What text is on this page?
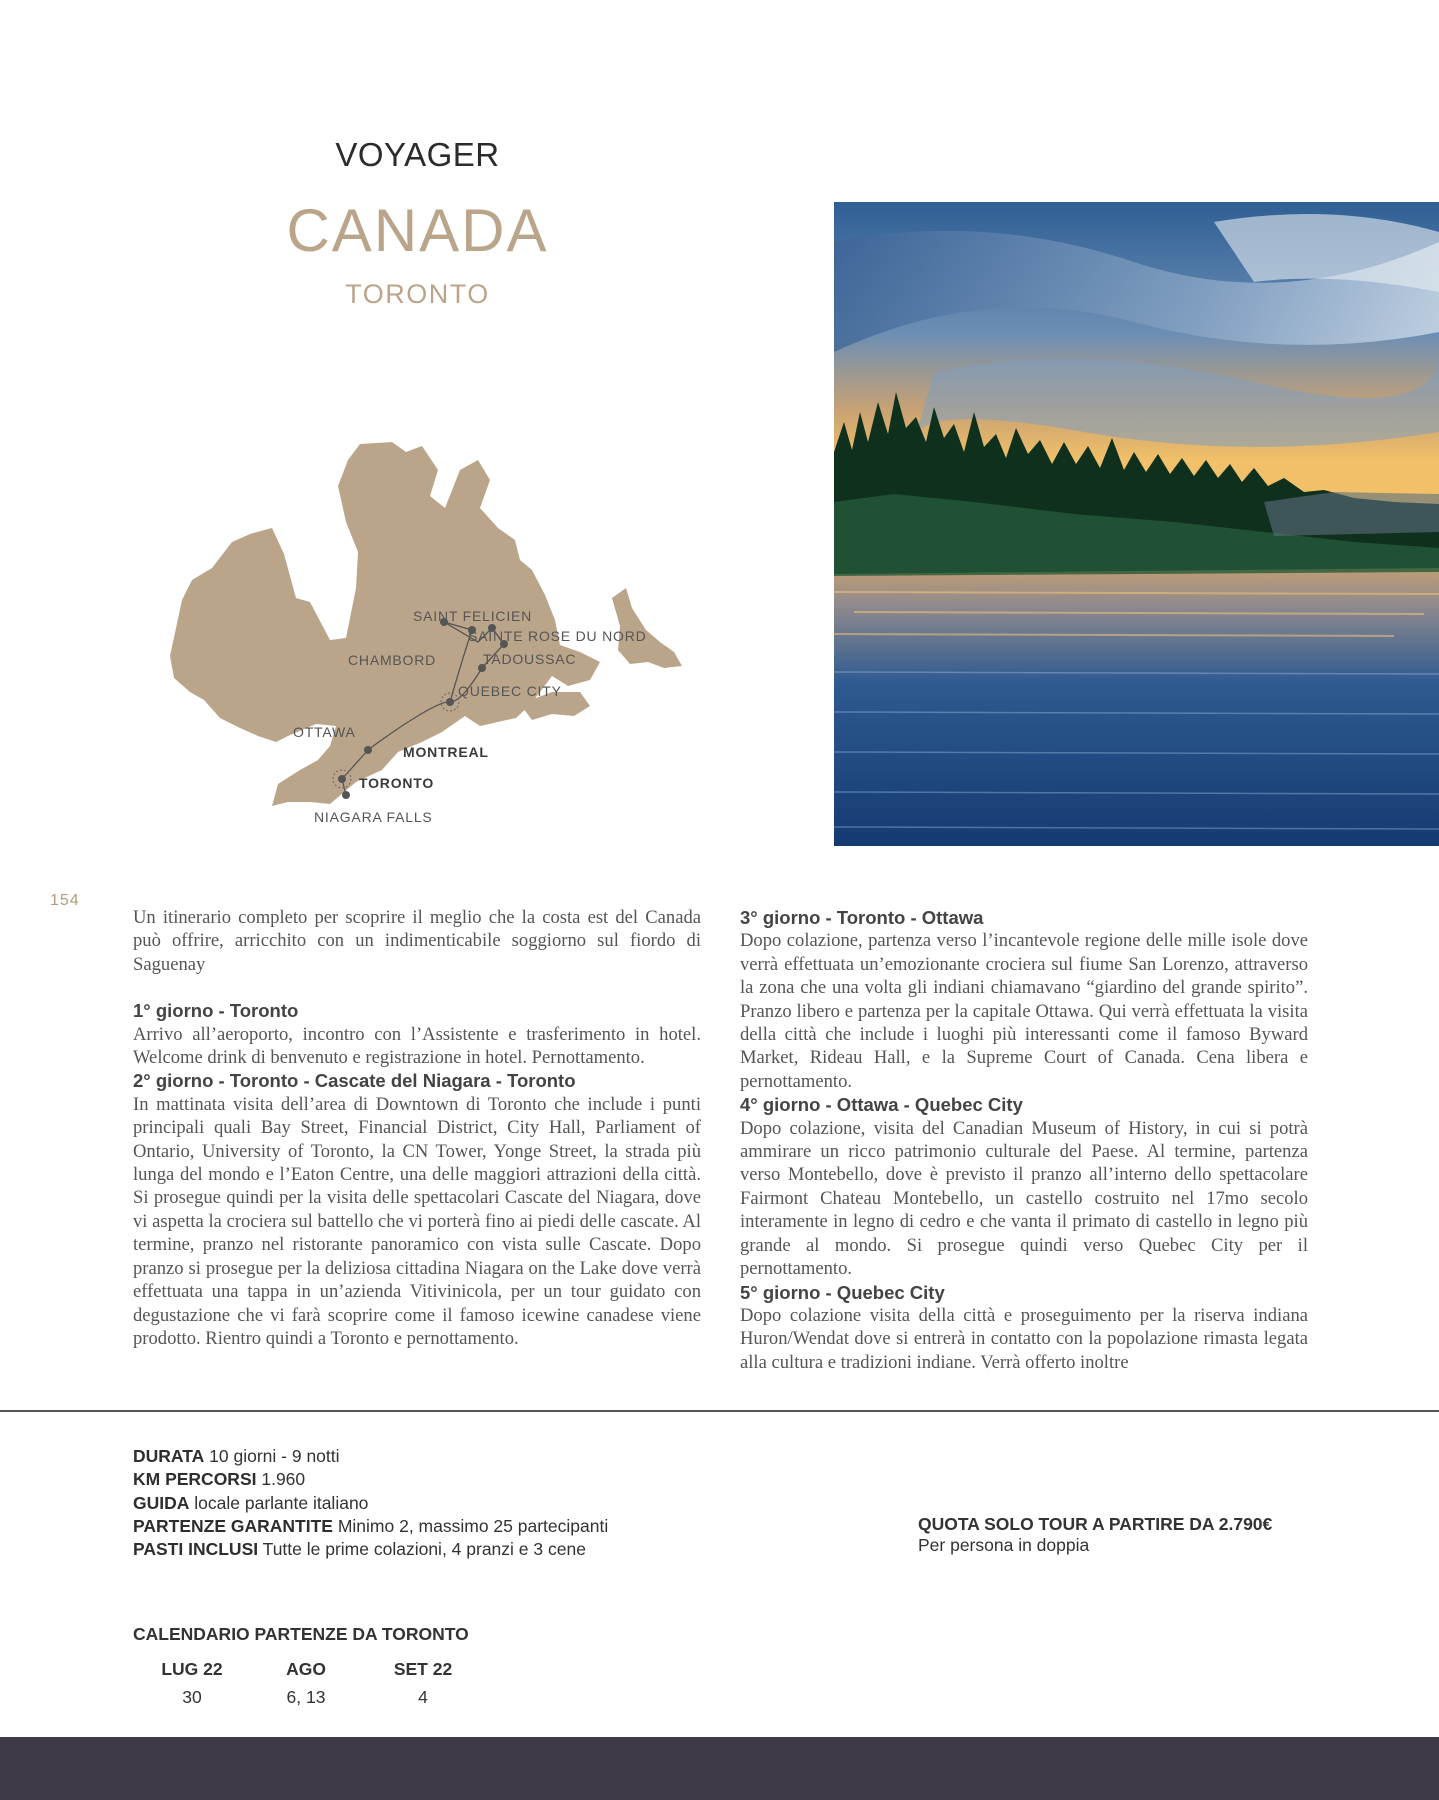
VOYAGER
CANADA
TORONTO
SAINT FELICIEN
SAINTE ROSE DU NORD
CHAMBORD	TADOUSSAC
QUEBEC CITY
OTTAWA
MONTREAL
TORONTO
NIAGARA FALLS
154

Un itinerario completo per scoprire il meglio che la costa est del Canada può offrire, arricchito con un indimenticabile soggiorno sul fiordo di Saguenay

1° giorno - Toronto

Arrivo all’aeroporto, incontro con l’Assistente e trasferimento in hotel. Welcome drink di benvenuto e registrazione in hotel. Pernottamento.

2° giorno - Toronto - Cascate del Niagara - Toronto

In mattinata visita dell’area di Downtown di Toronto che include i punti principali quali Bay Street, Financial District, City Hall, Parliament of Ontario, University of Toronto, la CN Tower, Yonge Street, la strada più lunga del mondo e l’Eaton Centre, una delle maggiori attrazioni della città. Si prosegue quindi per la visita delle spettacolari Cascate del Niagara, dove vi aspetta la crociera sul battello che vi porterà fino ai piedi delle cascate. Al termine, pranzo nel ristorante panoramico con vista sulle Cascate. Dopo pranzo si prosegue per la deliziosa cittadina Niagara on the Lake dove verrà effettuata una tappa in un’azienda Vitivinicola, per un tour guidato con degustazione che vi farà scoprire come il famoso icewine canadese viene prodotto. Rientro quindi a Toronto e pernottamento.

3° giorno - Toronto - Ottawa

Dopo colazione, partenza verso l’incantevole regione delle mille isole dove verrà effettuata un’emozionante crociera sul fiume San Lorenzo, attraverso la zona che una volta gli indiani chiamavano “giardino del grande spirito”. Pranzo libero e partenza per la capitale Ottawa. Qui verrà effettuata la visita della città che include i luoghi più interessanti come il famoso Byward Market, Rideau Hall, e la Supreme Court of Canada. Cena libera e pernottamento.

4° giorno - Ottawa - Quebec City

Dopo colazione, visita del Canadian Museum of History, in cui si potrà ammirare un ricco patrimonio culturale del Paese. Al termine, partenza verso Montebello, dove è previsto il pranzo all’interno dello spettacolare Fairmont Chateau Montebello, un castello costruito nel 17mo secolo interamente in legno di cedro e che vanta il primato di castello in legno più grande al mondo. Si prosegue quindi verso Quebec City per il pernottamento.

5° giorno - Quebec City

Dopo colazione visita della città e proseguimento per la riserva indiana Huron/Wendat dove si entrerà in contatto con la popolazione rimasta legata alla cultura e tradizioni indiane. Verrà offerto inoltre

DURATA 10 giorni - 9 notti
KM PERCORSI 1.960
GUIDA locale parlante italiano
PARTENZE GARANTITE Minimo 2, massimo 25 partecipanti
PASTI INCLUSI Tutte le prime colazioni, 4 pranzi e 3 cene
QUOTA SOLO TOUR A PARTIRE DA 2.790€
Per persona in doppia
CALENDARIO PARTENZE DA TORONTO
LUG 22
30
AGO
6, 13
SET 22
4
